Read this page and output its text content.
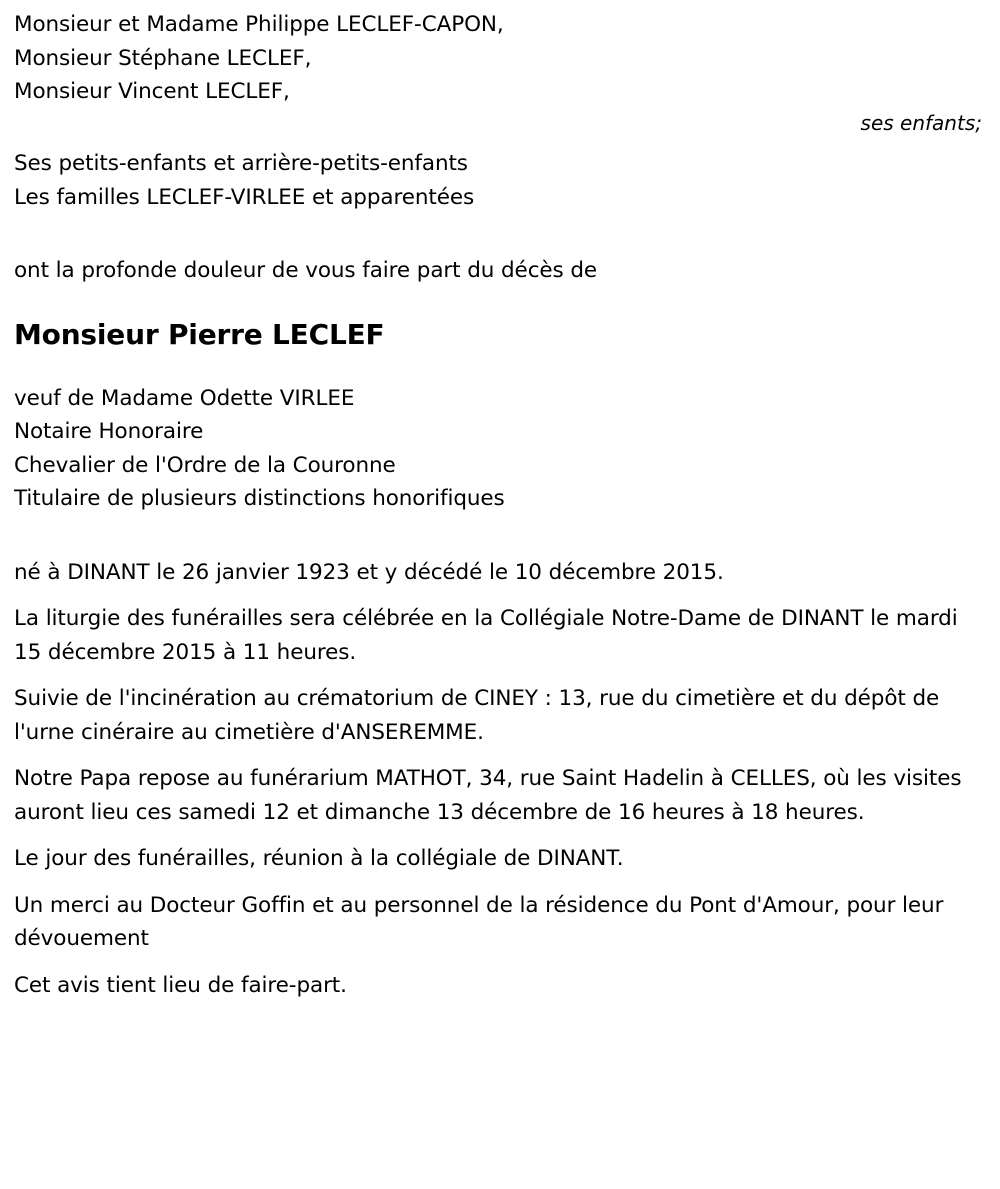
Monsieur et Madame Philippe LECLEF-CAPON,
Monsieur Stéphane LECLEF,
Monsieur Vincent LECLEF,
ses enfants;
Ses petits-enfants et arrière-petits-enfants
Les familles LECLEF-VIRLEE et apparentées
ont la profonde douleur de vous faire part du décès de
Monsieur Pierre LECLEF
veuf de Madame Odette VIRLEE
Notaire Honoraire
Chevalier de l'Ordre de la Couronne
Titulaire de plusieurs distinctions honorifiques
né à DINANT le 26 janvier 1923 et y décédé le 10 décembre 2015.
La liturgie des funérailles sera célébrée en la Collégiale Notre-Dame de DINANT le mardi 15 décembre 2015 à 11 heures.
Suivie de l'incinération au crématorium de CINEY : 13, rue du cimetière et du dépôt de l'urne cinéraire au cimetière d'ANSEREMME.
Notre Papa repose au funérarium MATHOT, 34, rue Saint Hadelin à CELLES, où les visites auront lieu ces samedi 12 et dimanche 13 décembre de 16 heures à 18 heures.
Le jour des funérailles, réunion à la collégiale de DINANT.
Un merci au Docteur Goffin et au personnel de la résidence du Pont d'Amour, pour leur dévouement
Cet avis tient lieu de faire-part.
